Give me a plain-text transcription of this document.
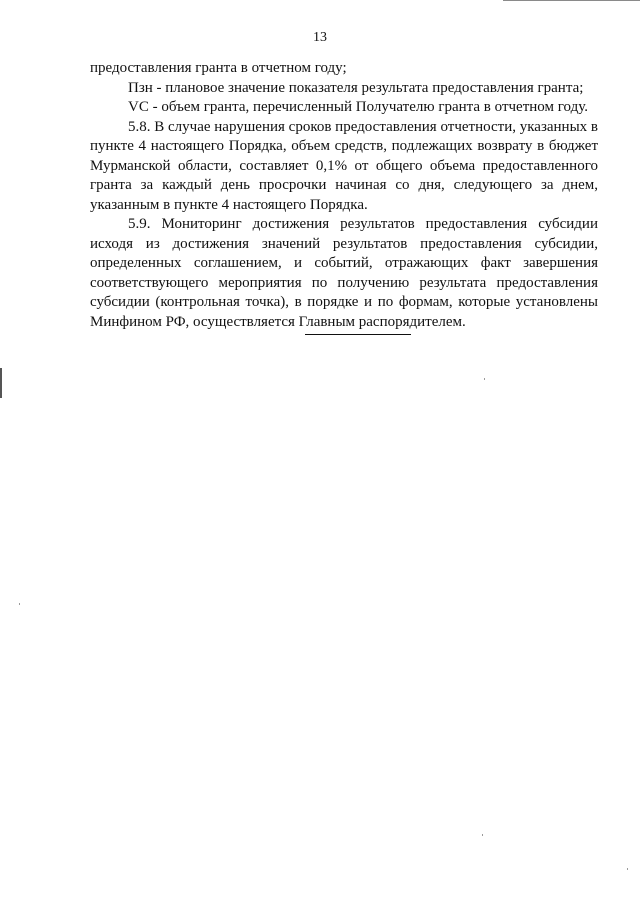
13

предоставления гранта в отчетном году;

Пзн - плановое значение показателя результата предоставления гранта;

VC - объем гранта, перечисленный Получателю гранта в отчетном году.

5.8. В случае нарушения сроков предоставления отчетности, указанных в пункте 4 настоящего Порядка, объем средств, подлежащих возврату в бюджет Мурманской области, составляет 0,1% от общего объема предоставленного гранта за каждый день просрочки начиная со дня, следующего за днем, указанным в пункте 4 настоящего Порядка.

5.9. Мониторинг достижения результатов предоставления субсидии исходя из достижения значений результатов предоставления субсидии, определенных соглашением, и событий, отражающих факт завершения соответствующего мероприятия по получению результата предоставления субсидии (контрольная точка), в порядке и по формам, которые установлены Минфином РФ, осуществляется Главным распорядителем.
